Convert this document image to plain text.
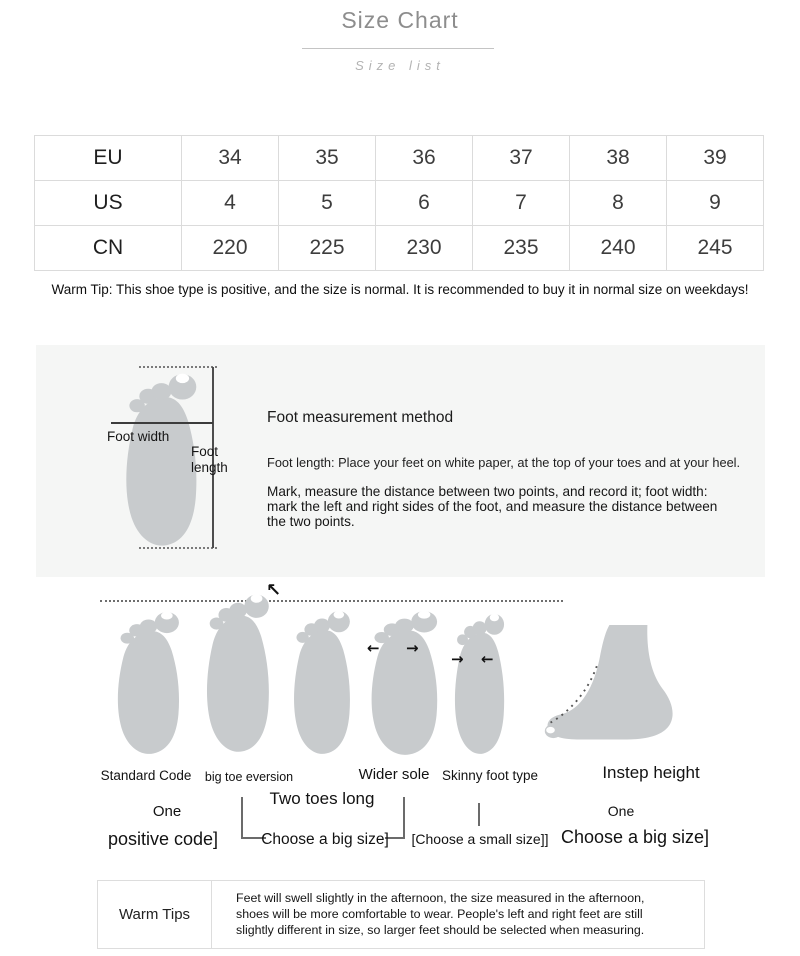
Size Chart
Size list
EU	34	35	36	37	38	39
US	4	5	6	7	8	9
CN	220	225	230	235	240	245
Warm Tip: This shoe type is positive, and the size is normal. It is recommended to buy it in normal size on weekdays!
Foot width
Foot length
Foot measurement method
Foot length: Place your feet on white paper, at the top of your toes and at your heel.
Mark, measure the distance between two points, and record it; foot width: mark the left and right sides of the foot, and measure the distance between the two points.
↖
← →
→ ←
Standard Code big toe eversion	Wider sole Skinny foot type	Instep height
One
Two toes long
One
positive code]	Choose a big size] [Choose a small size]] Choose a big size]
Warm Tips
Feet will swell slightly in the afternoon, the size measured in the afternoon, shoes will be more comfortable to wear. People's left and right feet are still slightly different in size, so larger feet should be selected when measuring.
